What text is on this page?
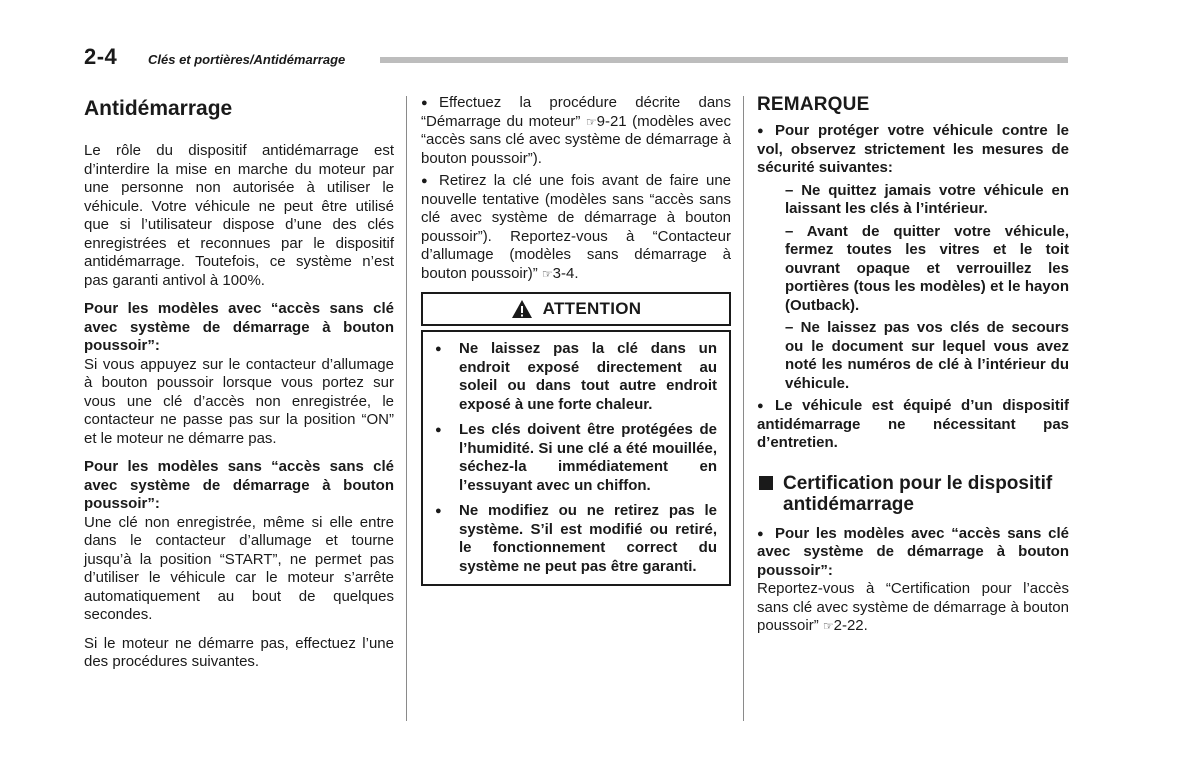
2-4 Clés et portières/Antidémarrage
Antidémarrage

Le rôle du dispositif antidémarrage est d’interdire la mise en marche du moteur par une personne non autorisée à utiliser le véhicule. Votre véhicule ne peut être utilisé que si l’utilisateur dispose d’une des clés enregistrées et reconnues par le dispositif antidémarrage. Toutefois, ce système n’est pas garanti antivol à 100%.

Pour les modèles avec “accès sans clé avec système de démarrage à bouton poussoir”:

Si vous appuyez sur le contacteur d’allumage à bouton poussoir lorsque vous portez sur vous une clé d’accès non enregistrée, le contacteur ne passe pas sur la position “ON” et le moteur ne démarre pas.

Pour les modèles sans “accès sans clé avec système de démarrage à bouton poussoir”:

Une clé non enregistrée, même si elle entre dans le contacteur d’allumage et tourne jusqu’à la position “START”, ne permet pas d’utiliser le véhicule car le moteur s’arrête automatiquement au bout de quelques secondes.

Si le moteur ne démarre pas, effectuez l’une des procédures suivantes.

● Effectuez la procédure décrite dans “Démarrage du moteur” ☞9-21 (modèles avec “accès sans clé avec système de démarrage à bouton poussoir”).

● Retirez la clé une fois avant de faire une nouvelle tentative (modèles sans “accès sans clé avec système de démarrage à bouton poussoir”). Reportez-vous à “Contacteur d’allumage (modèles sans démarrage à bouton poussoir)” ☞3-4.

ATTENTION
●	Ne laissez pas la clé dans un endroit exposé directement au soleil ou dans tout autre endroit exposé à une forte chaleur.
●	Les clés doivent être protégées de l’humidité. Si une clé a été mouillée, séchez-la immédiatement en l’essuyant avec un chiffon.
●	Ne modifiez ou ne retirez pas le système. S’il est modifié ou retiré, le fonctionnement correct du système ne peut pas être garanti.
REMARQUE

● Pour protéger votre véhicule contre le vol, observez strictement les mesures de sécurité suivantes:

– Ne quittez jamais votre véhicule en laissant les clés à l’intérieur.

– Avant de quitter votre véhicule, fermez toutes les vitres et le toit ouvrant opaque et verrouillez les portières (tous les modèles) et le hayon (Outback).

– Ne laissez pas vos clés de secours ou le document sur lequel vous avez noté les numéros de clé à l’intérieur du véhicule.

● Le véhicule est équipé d’un dispositif antidémarrage ne nécessitant pas d’entretien.

Certification pour le dispositif antidémarrage

● Pour les modèles avec “accès sans clé avec système de démarrage à bouton poussoir”:

Reportez-vous à “Certification pour l’accès sans clé avec système de démarrage à bouton poussoir” ☞2-22.
